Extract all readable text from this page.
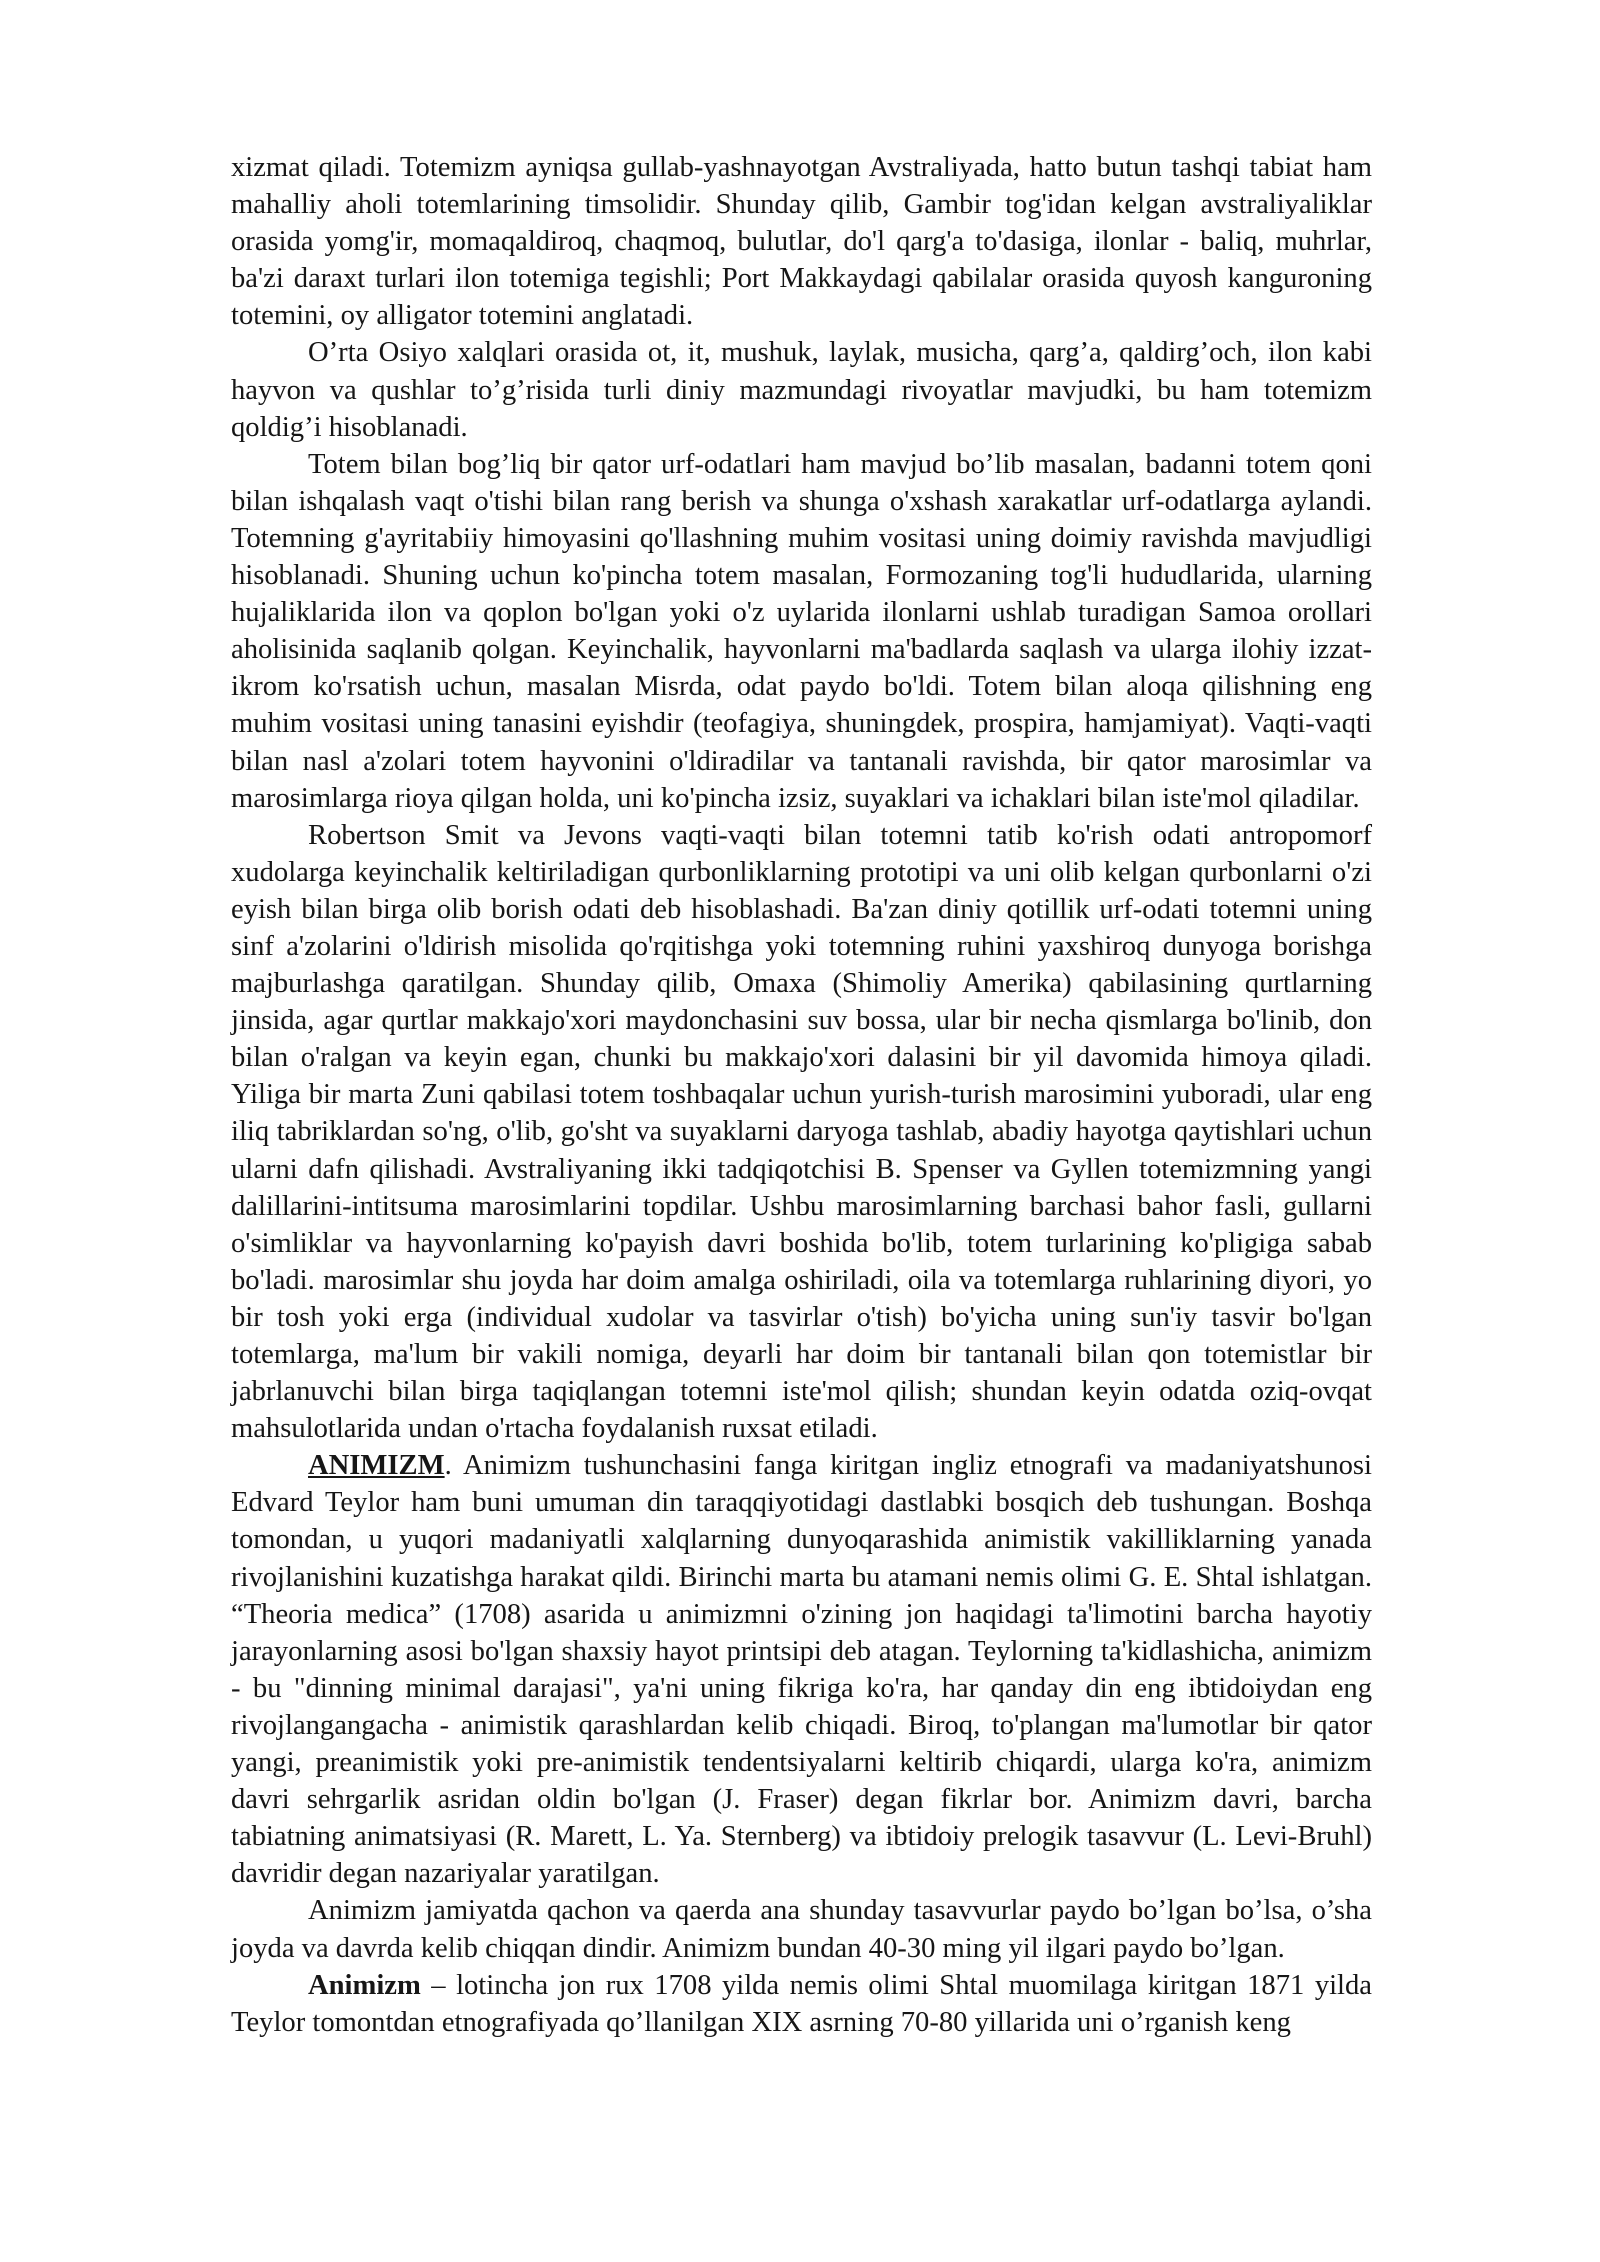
xizmat qiladi. Totemizm ayniqsa gullab-yashnayotgan Avstraliyada, hatto butun tashqi tabiat ham mahalliy aholi totemlarining timsolidir. Shunday qilib, Gambir tog'idan kelgan avstraliyaliklar orasida yomg'ir, momaqaldiroq, chaqmoq, bulutlar, do'l qarg'a to'dasiga, ilonlar - baliq, muhrlar, ba'zi daraxt turlari ilon totemiga tegishli; Port Makkaydagi qabilalar orasida quyosh kanguroning totemini, oy alligator totemini anglatadi.

O’rta Osiyo xalqlari orasida ot, it, mushuk, laylak, musicha, qarg’a, qaldirg’och, ilon kabi hayvon va qushlar to’g’risida turli diniy mazmundagi rivoyatlar mavjudki, bu ham totemizm qoldig’i hisoblanadi.

Totem bilan bog’liq bir qator urf-odatlari ham mavjud bo’lib masalan, badanni totem qoni bilan ishqalash vaqt o'tishi bilan rang berish va shunga o'xshash xarakatlar urf-odatlarga aylandi. Totemning g'ayritabiiy himoyasini qo'llashning muhim vositasi uning doimiy ravishda mavjudligi hisoblanadi. Shuning uchun ko'pincha totem masalan, Formozaning tog'li hududlarida, ularning hujaliklarida ilon va qoplon bo'lgan yoki o'z uylarida ilonlarni ushlab turadigan Samoa orollari aholisinida saqlanib qolgan. Keyinchalik, hayvonlarni ma'badlarda saqlash va ularga ilohiy izzat-ikrom ko'rsatish uchun, masalan Misrda, odat paydo bo'ldi. Totem bilan aloqa qilishning eng muhim vositasi uning tanasini eyishdir (teofagiya, shuningdek, prospira, hamjamiyat). Vaqti-vaqti bilan nasl a'zolari totem hayvonini o'ldiradilar va tantanali ravishda, bir qator marosimlar va marosimlarga rioya qilgan holda, uni ko'pincha izsiz, suyaklari va ichaklari bilan iste'mol qiladilar.

Robertson Smit va Jevons vaqti-vaqti bilan totemni tatib ko'rish odati antropomorf xudolarga keyinchalik keltiriladigan qurbonliklarning prototipi va uni olib kelgan qurbonlarni o'zi eyish bilan birga olib borish odati deb hisoblashadi. Ba'zan diniy qotillik urf-odati totemni uning sinf a'zolarini o'ldirish misolida qo'rqitishga yoki totemning ruhini yaxshiroq dunyoga borishga majburlashga qaratilgan. Shunday qilib, Omaxa (Shimoliy Amerika) qabilasining qurtlarning jinsida, agar qurtlar makkajo'xori maydonchasini suv bossa, ular bir necha qismlarga bo'linib, don bilan o'ralgan va keyin egan, chunki bu makkajo'xori dalasini bir yil davomida himoya qiladi. Yiliga bir marta Zuni qabilasi totem toshbaqalar uchun yurish-turish marosimini yuboradi, ular eng iliq tabriklardan so'ng, o'lib, go'sht va suyaklarni daryoga tashlab, abadiy hayotga qaytishlari uchun ularni dafn qilishadi. Avstraliyaning ikki tadqiqotchisi B. Spenser va Gyllen totemizmning yangi dalillarini-intitsuma marosimlarini topdilar. Ushbu marosimlarning barchasi bahor fasli, gullarni o'simliklar va hayvonlarning ko'payish davri boshida bo'lib, totem turlarining ko'pligiga sabab bo'ladi. marosimlar shu joyda har doim amalga oshiriladi, oila va totemlarga ruhlarining diyori, yo bir tosh yoki erga (individual xudolar va tasvirlar o'tish) bo'yicha uning sun'iy tasvir bo'lgan totemlarga, ma'lum bir vakili nomiga, deyarli har doim bir tantanali bilan qon totemistlar bir jabrlanuvchi bilan birga taqiqlangan totemni iste'mol qilish; shundan keyin odatda oziq-ovqat mahsulotlarida undan o'rtacha foydalanish ruxsat etiladi.

ANIMIZM. Animizm tushunchasini fanga kiritgan ingliz etnografi va madaniyatshunosi Edvard Teylor ham buni umuman din taraqqiyotidagi dastlabki bosqich deb tushungan. Boshqa tomondan, u yuqori madaniyatli xalqlarning dunyoqarashida animistik vakilliklarning yanada rivojlanishini kuzatishga harakat qildi. Birinchi marta bu atamani nemis olimi G. E. Shtal ishlatgan. “Theoria medica” (1708) asarida u animizmni o'zining jon haqidagi ta'limotini barcha hayotiy jarayonlarning asosi bo'lgan shaxsiy hayot printsipi deb atagan. Teylorning ta'kidlashicha, animizm - bu "dinning minimal darajasi", ya'ni uning fikriga ko'ra, har qanday din eng ibtidoiydan eng rivojlangangacha - animistik qarashlardan kelib chiqadi. Biroq, to'plangan ma'lumotlar bir qator yangi, preanimistik yoki pre-animistik tendentsiyalarni keltirib chiqardi, ularga ko'ra, animizm davri sehrgarlik asridan oldin bo'lgan (J. Fraser) degan fikrlar bor. Animizm davri, barcha tabiatning animatsiyasi (R. Marett, L. Ya. Sternberg) va ibtidoiy prelogik tasavvur (L. Levi-Bruhl) davridir degan nazariyalar yaratilgan.

Animizm jamiyatda qachon va qaerda ana shunday tasavvurlar paydo bo’lgan bo’lsa, o’sha joyda va davrda kelib chiqqan dindir. Animizm bundan 40-30 ming yil ilgari paydo bo’lgan.

Animizm – lotincha jon rux 1708 yilda nemis olimi Shtal muomilaga kiritgan 1871 yilda Teylor tomontdan etnografiyada qo’llanilgan XIX asrning 70-80 yillarida uni o’rganish keng
